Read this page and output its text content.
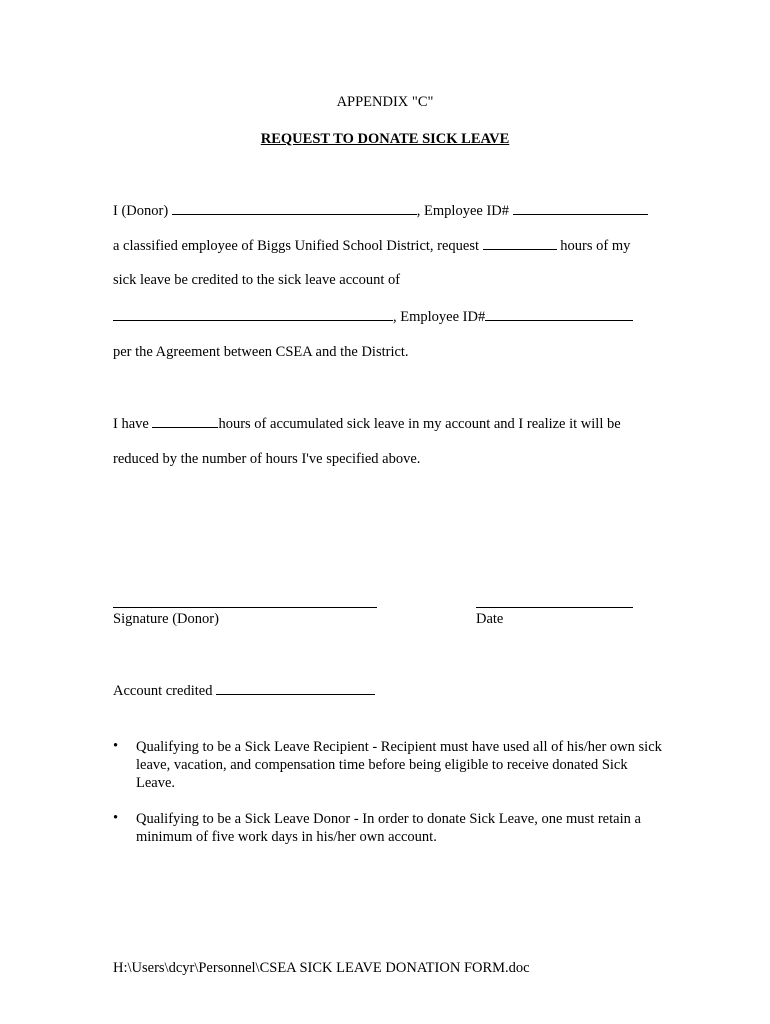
APPENDIX "C"
REQUEST TO DONATE SICK LEAVE
I (Donor)	, Employee ID#
a classified employee of Biggs Unified School District, request	hours of my
sick leave be credited to the sick leave account of
, Employee ID#
per the Agreement between CSEA and the District.
I have	hours of accumulated sick leave in my account and I realize it will be
reduced by the number of hours I've specified above.
Signature (Donor)	Date
Account credited
•	Qualifying to be a Sick Leave Recipient - Recipient must have used all of his/her own sick leave, vacation, and compensation time before being eligible to receive donated Sick Leave.
•	Qualifying to be a Sick Leave Donor - In order to donate Sick Leave, one must retain a minimum of five work days in his/her own account.
H:\Users\dcyr\Personnel\CSEA SICK LEAVE DONATION FORM.doc
